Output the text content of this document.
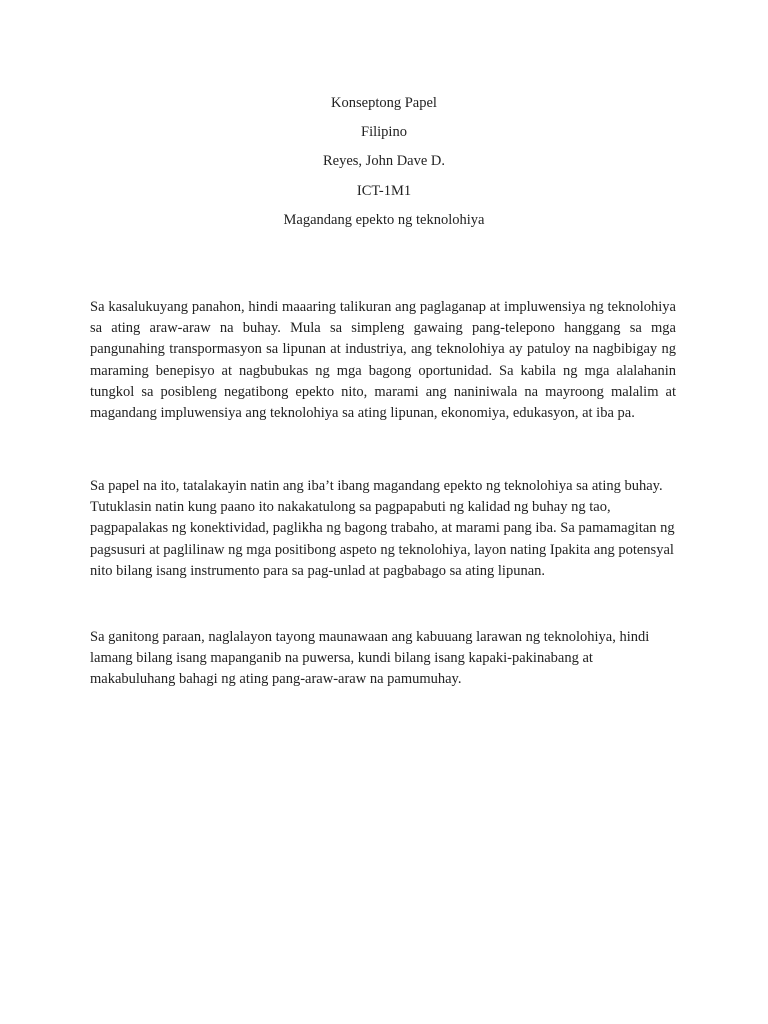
Konseptong Papel

Filipino

Reyes, John Dave D.

ICT-1M1

Magandang epekto ng teknolohiya

Sa kasalukuyang panahon, hindi maaaring talikuran ang paglaganap at impluwensiya ng teknolohiya sa ating araw-araw na buhay. Mula sa simpleng gawaing pang-telepono hanggang sa mga pangunahing transpormasyon sa lipunan at industriya, ang teknolohiya ay patuloy na nagbibigay ng maraming benepisyo at nagbubukas ng mga bagong oportunidad. Sa kabila ng mga alalahanin tungkol sa posibleng negatibong epekto nito, marami ang naniniwala na mayroong malalim at magandang impluwensiya ang teknolohiya sa ating lipunan, ekonomiya, edukasyon, at iba pa.

Sa papel na ito, tatalakayin natin ang iba’t ibang magandang epekto ng teknolohiya sa ating buhay. Tutuklasin natin kung paano ito nakakatulong sa pagpapabuti ng kalidad ng buhay ng tao, pagpapalakas ng konektividad, paglikha ng bagong trabaho, at marami pang iba. Sa pamamagitan ng pagsusuri at paglilinaw ng mga positibong aspeto ng teknolohiya, layon nating Ipakita ang potensyal nito bilang isang instrumento para sa pag-unlad at pagbabago sa ating lipunan.

Sa ganitong paraan, naglalayon tayong maunawaan ang kabuuang larawan ng teknolohiya, hindi lamang bilang isang mapanganib na puwersa, kundi bilang isang kapaki-pakinabang at makabuluhang bahagi ng ating pang-araw-araw na pamumuhay.
